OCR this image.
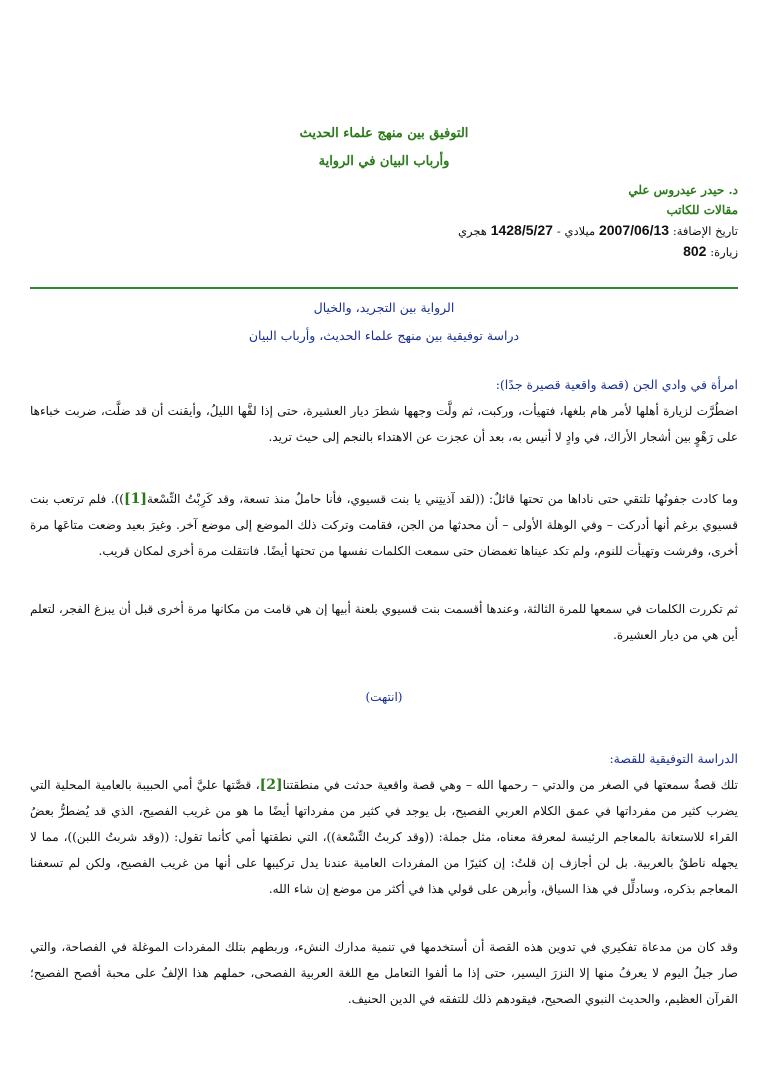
التوفيق بين منهج علماء الحديث

وأرباب البيان في الرواية

د. حيدر عيدروس علي

مقالات للكاتب

تاريخ الإضافة: 2007/06/13 ميلادي - 1428/5/27 هجري

زيارة: 802

الرواية بين التجريد، والخيال

دراسة توفيقية بين منهج علماء الحديث، وأرباب البيان

امرأة في وادي الجن (قصة واقعية قصيرة جدًا):

اضطُرَّت لزيارة أهلها لأمر هام بلغها، فتهيأت، وركبت، ثم ولَّت وجهها شطرَ ديار العشيرة، حتى إذا لفَّها الليلُ، وأيقنت أن قد ضلَّت، ضربت خباءها على رَهْوٍ بين أشجار الأراك، في وادٍ لا أنيس به، بعد أن عجزت عن الاهتداء بالنجم إلى حيث تريد.

وما كادت جفونُها تلتقي حتى ناداها من تحتها قائلٌ: ((لقد آذيتِني يا بنت قسيوي، فأنا حاملٌ منذ تسعة، وقد كَرِبْتُ التِّسْعة[1])). فلم ترتعب بنت قسيوي برغم أنها أدركت – وفي الوهلة الأولى – أن محدثها من الجن، فقامت وتركت ذلك الموضع إلى موضع آخر. وغيرَ بعيد وضعت متاعَها مرة أخرى، وفرشت وتهيأت للنوم، ولم تكد عيناها تغمضان حتى سمعت الكلمات نفسها من تحتها أيضًا. فانتقلت مرة أخرى لمكان قريب.

ثم تكررت الكلمات في سمعها للمرة الثالثة، وعندها أقسمت بنت قسيوي بلعنة أبيها إن هي قامت من مكانها مرة أخرى قبل أن يبزغ الفجر، لتعلم أين هي من ديار العشيرة.

(انتهت)

الدراسة التوفيقية للقصة:

تلك قصةٌ سمعتها في الصغر من والدتي – رحمها الله – وهي قصة واقعية حدثت في منطقتنا[2]، قصَّتها عليَّ أمي الحبيبة بالعامية المحلية التي يضرب كثير من مفرداتها في عمق الكلام العربي الفصيح، بل يوجد في كثير من مفرداتها أيضًا ما هو من غريب الفصيح، الذي قد يُضطرُّ بعضُ القراء للاستعانة بالمعاجم الرئيسة لمعرفة معناه، مثل جملة: ((وقد كربتُ التِّسْعة))، التي نطقتها أمي كأنما تقول: ((وقد شربتُ اللبن))، مما لا يجهله ناطقٌ بالعربية. بل لن أجازف إن قلتُ: إن كثيرًا من المفردات العامية عندنا يدل تركيبها على أنها من غريب الفصيح، ولكن لم تسعفنا المعاجم بذكره، وسادلِّل في هذا السياق، وأبرهن على قولي هذا في أكثر من موضع إن شاء الله.

وقد كان من مدعاة تفكيري في تدوين هذه القصة أن أستخدمها في تنمية مدارك النشء، وربطهم بتلك المفردات الموغلة في الفصاحة، والتي صار جيلُ اليوم لا يعرفُ منها إلا النزرَ اليسير، حتى إذا ما ألفوا التعامل مع اللغة العربية الفصحى، حملهم هذا الإلفُ على محبة أفصح الفصيح؛ القرآن العظيم، والحديث النبوي الصحيح، فيقودهم ذلك للتفقه في الدين الحنيف.
